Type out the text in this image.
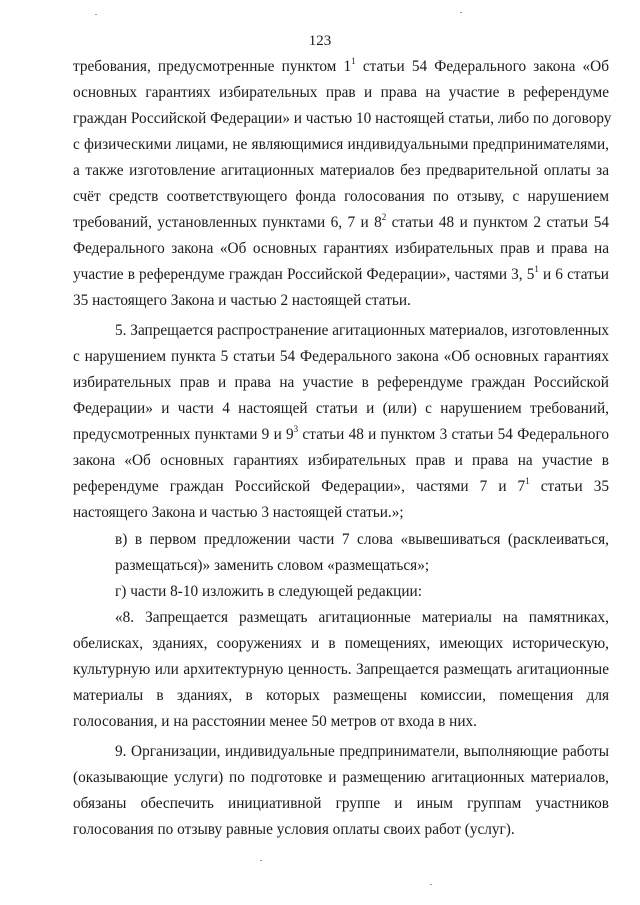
123
требования, предусмотренные пунктом $1^1$ статьи 54 Федерального закона «Об
основных гарантиях избирательных прав и права на участие в референдуме
граждан Российской Федерации» и частью 10 настоящей статьи, либо по договору
с физическими лицами, не являющимися индивидуальными предпринимателями,
а также изготовление агитационных материалов без предварительной оплаты за
счёт средств соответствующего фонда голосования по отзыву, с нарушением
требований, установленных пунктами 6, 7 и $8^2$ статьи 48 и пунктом 2 статьи 54
Федерального закона «Об основных гарантиях избирательных прав и права на
участие в референдуме граждан Российской Федерации», частями 3, $5^1$ и 6 статьи
35 настоящего Закона и частью 2 настоящей статьи.
5. Запрещается распространение агитационных материалов, изготовленных
с нарушением пункта 5 статьи 54 Федерального закона «Об основных гарантиях
избирательных прав и права на участие в референдуме граждан Российской
Федерации» и части 4 настоящей статьи и (или) с нарушением требований,
предусмотренных пунктами 9 и $9^3$ статьи 48 и пунктом 3 статьи 54 Федерального
закона «Об основных гарантиях избирательных прав и права на участие в
референдуме граждан Российской Федерации», частями 7 и $7^1$ статьи 35
настоящего Закона и частью 3 настоящей статьи.»;
в) в первом предложении части 7 слова «вывешиваться (расклеиваться,
размещаться)» заменить словом «размещаться»;
г) части 8-10 изложить в следующей редакции:
«8. Запрещается размещать агитационные материалы на памятниках,
обелисках, зданиях, сооружениях и в помещениях, имеющих историческую,
культурную или архитектурную ценность. Запрещается размещать агитационные
материалы в зданиях, в которых размещены комиссии, помещения для
голосования, и на расстоянии менее 50 метров от входа в них.
9. Организации, индивидуальные предприниматели, выполняющие работы
(оказывающие услуги) по подготовке и размещению агитационных материалов,
обязаны обеспечить инициативной группе и иным группам участников
голосования по отзыву равные условия оплаты своих работ (услуг).
